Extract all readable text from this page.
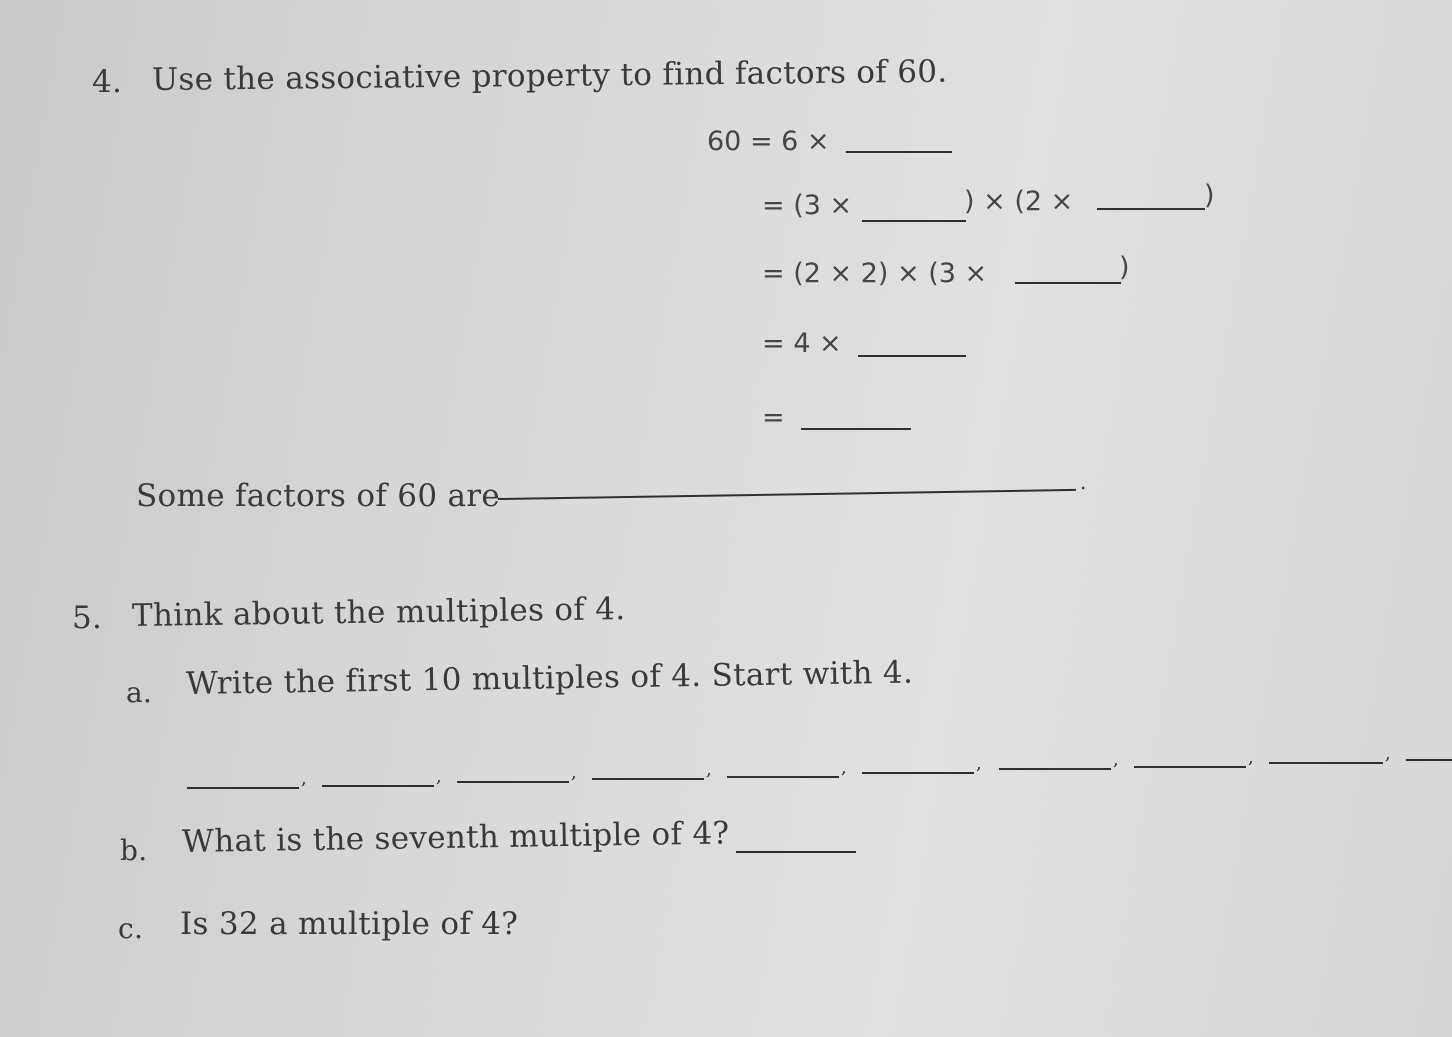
4. Use the associative property to find factors of 60.
60 = 6 ×
= (3 ×	) × (2 ×	)
= (2 × 2) × (3 ×	)
= 4 ×
=
Some factors of 60 are	.
5. Think about the multiples of 4.
a. Write the first 10 multiples of 4. Start with 4.
,	,	,	,	,	,	,	,	,
b. What is the seventh multiple of 4?
c. Is 32 a multiple of 4?
